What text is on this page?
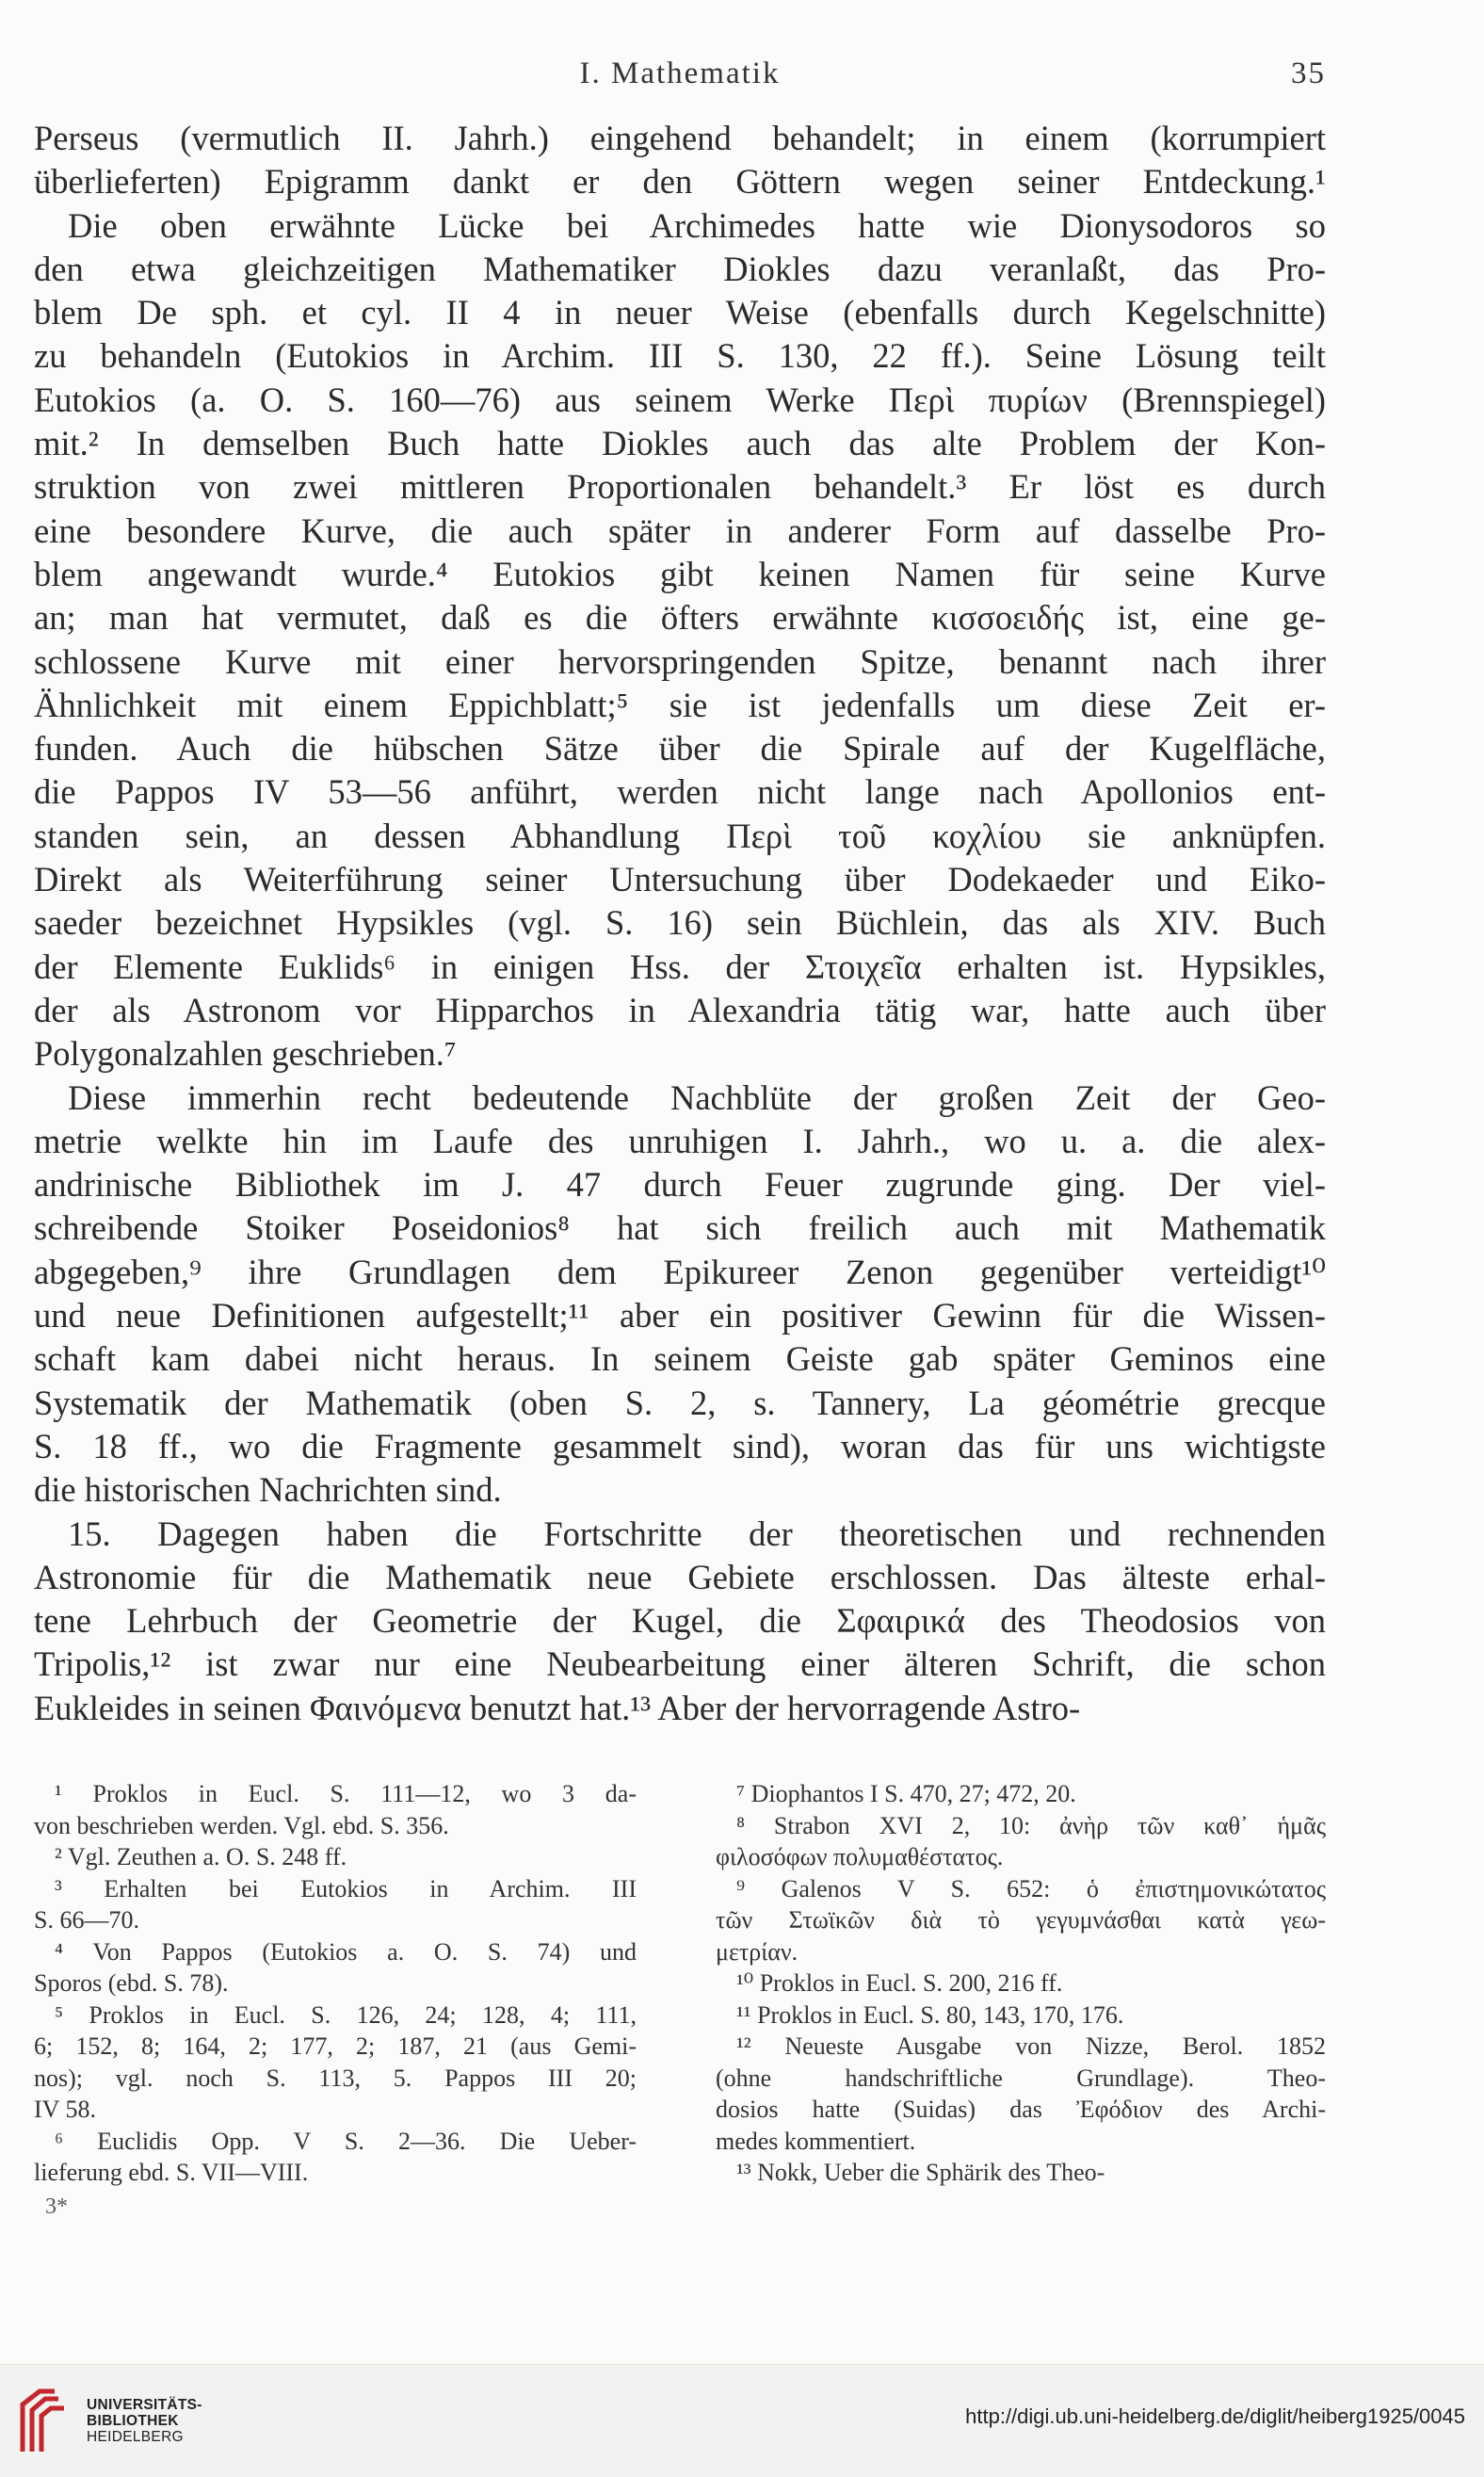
I. Mathematik	35
Perseus (vermutlich II. Jahrh.) eingehend behandelt; in einem (korrumpiert
überlieferten) Epigramm dankt er den Göttern wegen seiner Entdeckung.¹
Die oben erwähnte Lücke bei Archimedes hatte wie Dionysodoros so
den etwa gleichzeitigen Mathematiker Diokles dazu veranlaßt, das Pro-
blem De sph. et cyl. II 4 in neuer Weise (ebenfalls durch Kegelschnitte)
zu behandeln (Eutokios in Archim. III S. 130, 22 ff.). Seine Lösung teilt
Eutokios (a. O. S. 160—76) aus seinem Werke Περὶ πυρίων (Brennspiegel)
mit.² In demselben Buch hatte Diokles auch das alte Problem der Kon-
struktion von zwei mittleren Proportionalen behandelt.³ Er löst es durch
eine besondere Kurve, die auch später in anderer Form auf dasselbe Pro-
blem angewandt wurde.⁴ Eutokios gibt keinen Namen für seine Kurve
an; man hat vermutet, daß es die öfters erwähnte κισσοειδής ist, eine ge-
schlossene Kurve mit einer hervorspringenden Spitze, benannt nach ihrer
Ähnlichkeit mit einem Eppichblatt;⁵ sie ist jedenfalls um diese Zeit er-
funden. Auch die hübschen Sätze über die Spirale auf der Kugelfläche,
die Pappos IV 53—56 anführt, werden nicht lange nach Apollonios ent-
standen sein, an dessen Abhandlung Περὶ τοῦ κοχλίου sie anknüpfen.
Direkt als Weiterführung seiner Untersuchung über Dodekaeder und Eiko-
saeder bezeichnet Hypsikles (vgl. S. 16) sein Büchlein, das als XIV. Buch
der Elemente Euklids⁶ in einigen Hss. der Στοιχεῖα erhalten ist. Hypsikles,
der als Astronom vor Hipparchos in Alexandria tätig war, hatte auch über
Polygonalzahlen geschrieben.⁷
Diese immerhin recht bedeutende Nachblüte der großen Zeit der Geo-
metrie welkte hin im Laufe des unruhigen I. Jahrh., wo u. a. die alex-
andrinische Bibliothek im J. 47 durch Feuer zugrunde ging. Der viel-
schreibende Stoiker Poseidonios⁸ hat sich freilich auch mit Mathematik
abgegeben,⁹ ihre Grundlagen dem Epikureer Zenon gegenüber verteidigt¹⁰
und neue Definitionen aufgestellt;¹¹ aber ein positiver Gewinn für die Wissen-
schaft kam dabei nicht heraus. In seinem Geiste gab später Geminos eine
Systematik der Mathematik (oben S. 2, s. Tannery, La géométrie grecque
S. 18 ff., wo die Fragmente gesammelt sind), woran das für uns wichtigste
die historischen Nachrichten sind.
15. Dagegen haben die Fortschritte der theoretischen und rechnenden
Astronomie für die Mathematik neue Gebiete erschlossen. Das älteste erhal-
tene Lehrbuch der Geometrie der Kugel, die Σφαιρικά des Theodosios von
Tripolis,¹² ist zwar nur eine Neubearbeitung einer älteren Schrift, die schon
Eukleides in seinen Φαινόμενα benutzt hat.¹³ Aber der hervorragende Astro-
¹ Proklos in Eucl. S. 111—12, wo 3 da-
von beschrieben werden. Vgl. ebd. S. 356.
² Vgl. Zeuthen a. O. S. 248 ff.
³ Erhalten bei Eutokios in Archim. III
S. 66—70.
⁴ Von Pappos (Eutokios a. O. S. 74) und
Sporos (ebd. S. 78).
⁵ Proklos in Eucl. S. 126, 24; 128, 4; 111,
6; 152, 8; 164, 2; 177, 2; 187, 21 (aus Gemi-
nos); vgl. noch S. 113, 5. Pappos III 20;
IV 58.
⁶ Euclidis Opp. V S. 2—36. Die Ueber-
lieferung ebd. S. VII—VIII.
⁷ Diophantos I S. 470, 27; 472, 20.
⁸ Strabon XVI 2, 10: ἀνὴρ τῶν καθ᾽ ἡμᾶς
φιλοσόφων πολυμαθέστατος.
⁹ Galenos V S. 652: ὁ ἐπιστημονικώτατος
τῶν Στωϊκῶν διὰ τὸ γεγυμνάσθαι κατὰ γεω-
μετρίαν.
¹⁰ Proklos in Eucl. S. 200, 216 ff.
¹¹ Proklos in Eucl. S. 80, 143, 170, 176.
¹² Neueste Ausgabe von Nizze, Berol. 1852
(ohne handschriftliche Grundlage). Theo-
dosios hatte (Suidas) das Ἐφόδιον des Archi-
medes kommentiert.
¹³ Nokk, Ueber die Sphärik des Theo-
3*
UNIVERSITÄTS-
BIBLIOTHEK
HEIDELBERG
http://digi.ub.uni-heidelberg.de/diglit/heiberg1925/0045
